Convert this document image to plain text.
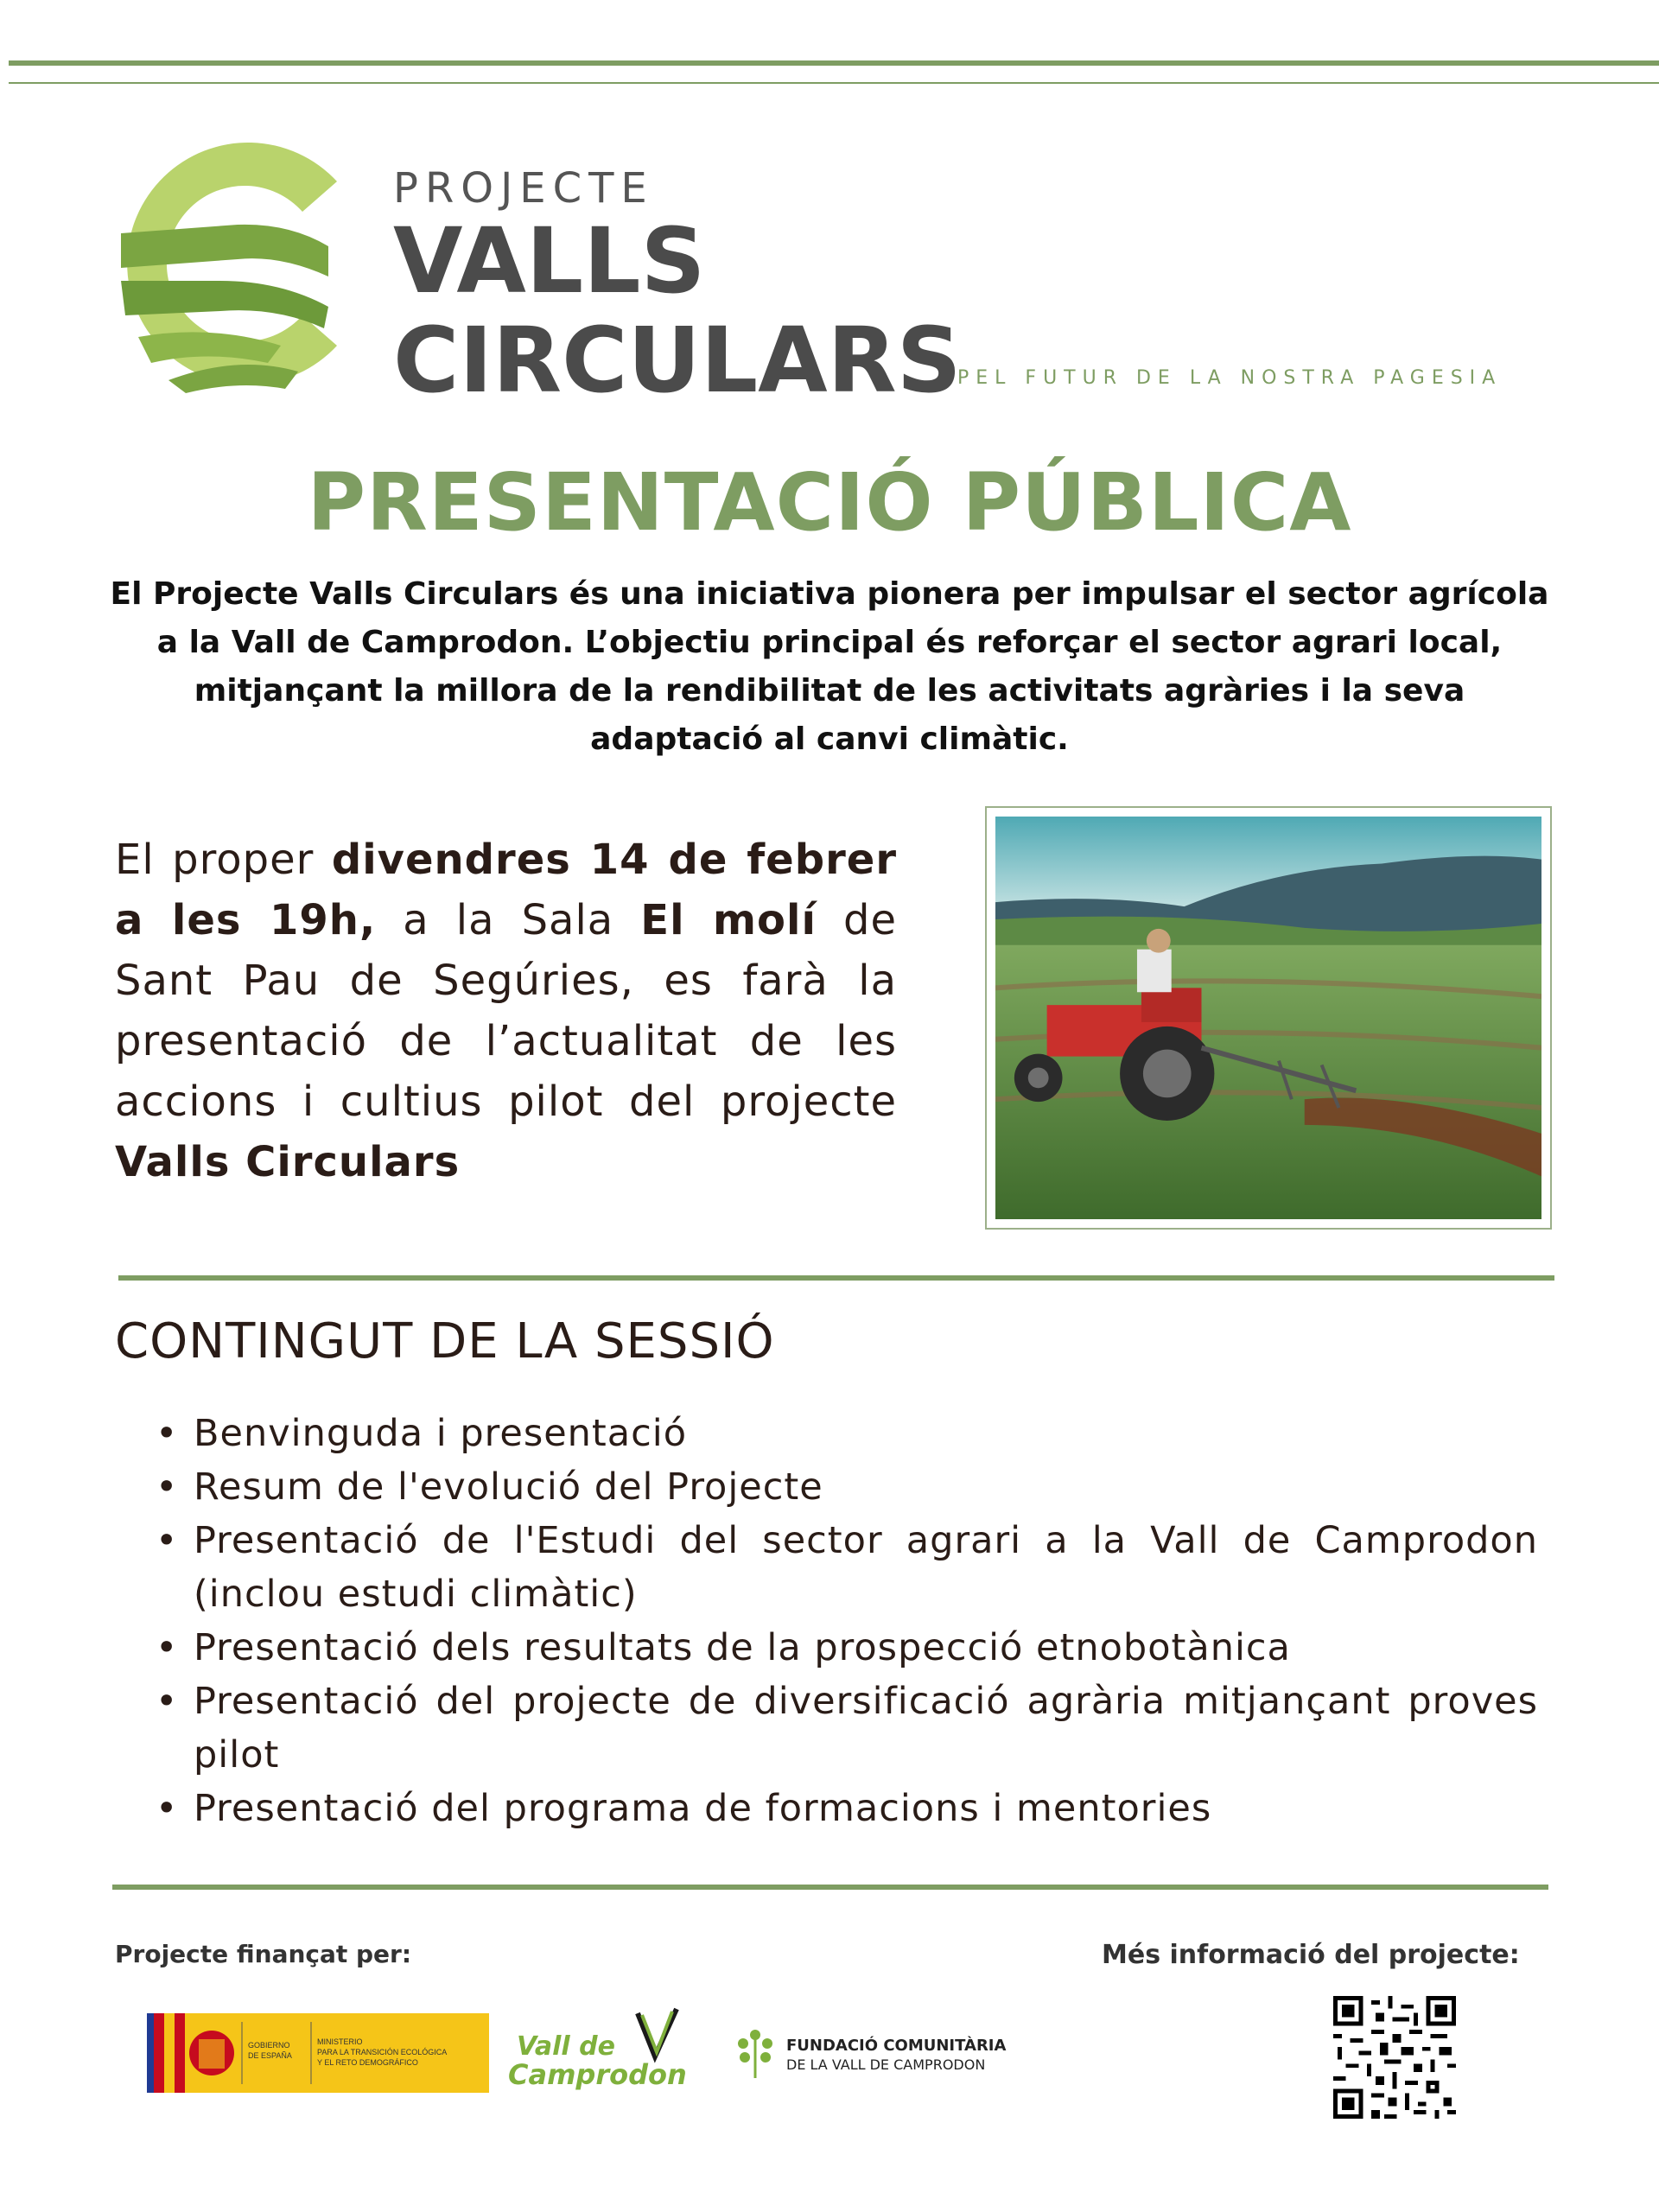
PROJECTE
VALLS
CIRCULARS
PEL FUTUR DE LA NOSTRA PAGESIA
PRESENTACIÓ PÚBLICA
El Projecte Valls Circulars és una iniciativa pionera per impulsar el sector agrícola a la Vall de Camprodon. L’objectiu principal és reforçar el sector agrari local, mitjançant la millora de la rendibilitat de les activitats agràries i la seva adaptació al canvi climàtic.
El proper divendres 14 de febrer a les 19h, a la Sala El molí de Sant Pau de Segúries, es farà la presentació de l’actualitat de les accions i cultius pilot del projecte Valls Circulars
CONTINGUT DE LA SESSIÓ
• Benvinguda i presentació
• Resum de l'evolució del Projecte
• Presentació de l'Estudi del sector agrari a la Vall de Camprodon (inclou estudi climàtic)
• Presentació dels resultats de la prospecció etnobotànica
• Presentació del projecte de diversificació agrària mitjançant proves pilot
• Presentació del programa de formacions i mentories
Projecte finançat per:	Més informació del projecte:
GOBIERNO
DE ESPAÑA
MINISTERIO
PARA LA TRANSICIÓN ECOLÓGICA
Y EL RETO DEMOGRÁFICO
Vall de
Camprodon
FUNDACIÓ COMUNITÀRIA
DE LA VALL DE CAMPRODON
